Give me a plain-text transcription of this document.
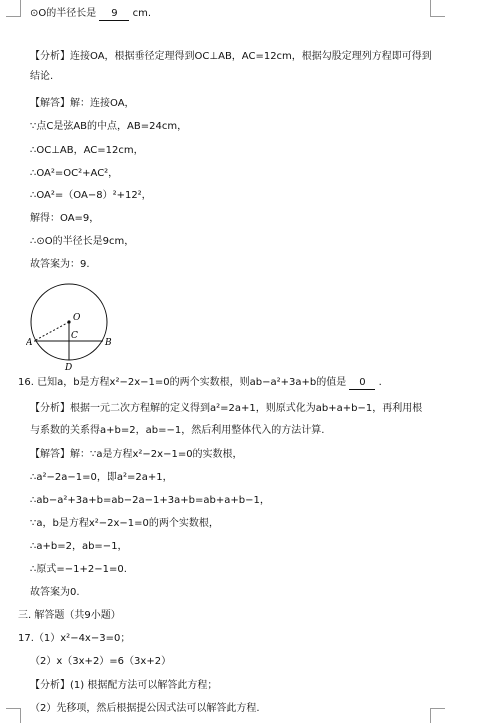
⊙O的半径长是 9 cm.
【分析】连接OA，根据垂径定理得到OC⊥AB，AC=12cm，根据勾股定理列方程即可得到
结论.
【解答】解：连接OA，
∵点C是弦AB的中点，AB=24cm，
∴OC⊥AB，AC=12cm，
∴OA²=OC²+AC²，
∴OA²=（OA−8）²+12²，
解得：OA=9，
∴⊙O的半径长是9cm，
故答案为：9.
O
C
A	B
D
16. 已知a，b是方程x²−2x−1=0的两个实数根，则ab−a²+3a+b的值是 0 .
【分析】根据一元二次方程解的定义得到a²=2a+1，则原式化为ab+a+b−1，再利用根
与系数的关系得a+b=2，ab=−1，然后利用整体代入的方法计算.
【解答】解：∵a是方程x²−2x−1=0的实数根，
∴a²−2a−1=0，即a²=2a+1，
∴ab−a²+3a+b=ab−2a−1+3a+b=ab+a+b−1，
∵a，b是方程x²−2x−1=0的两个实数根，
∴a+b=2，ab=−1，
∴原式=−1+2−1=0.
故答案为0.
三. 解答题（共9小题）
17.（1）x²−4x−3=0；
（2）x（3x+2）=6（3x+2）
【分析】(1) 根据配方法可以解答此方程；
（2）先移项，然后根据提公因式法可以解答此方程.
